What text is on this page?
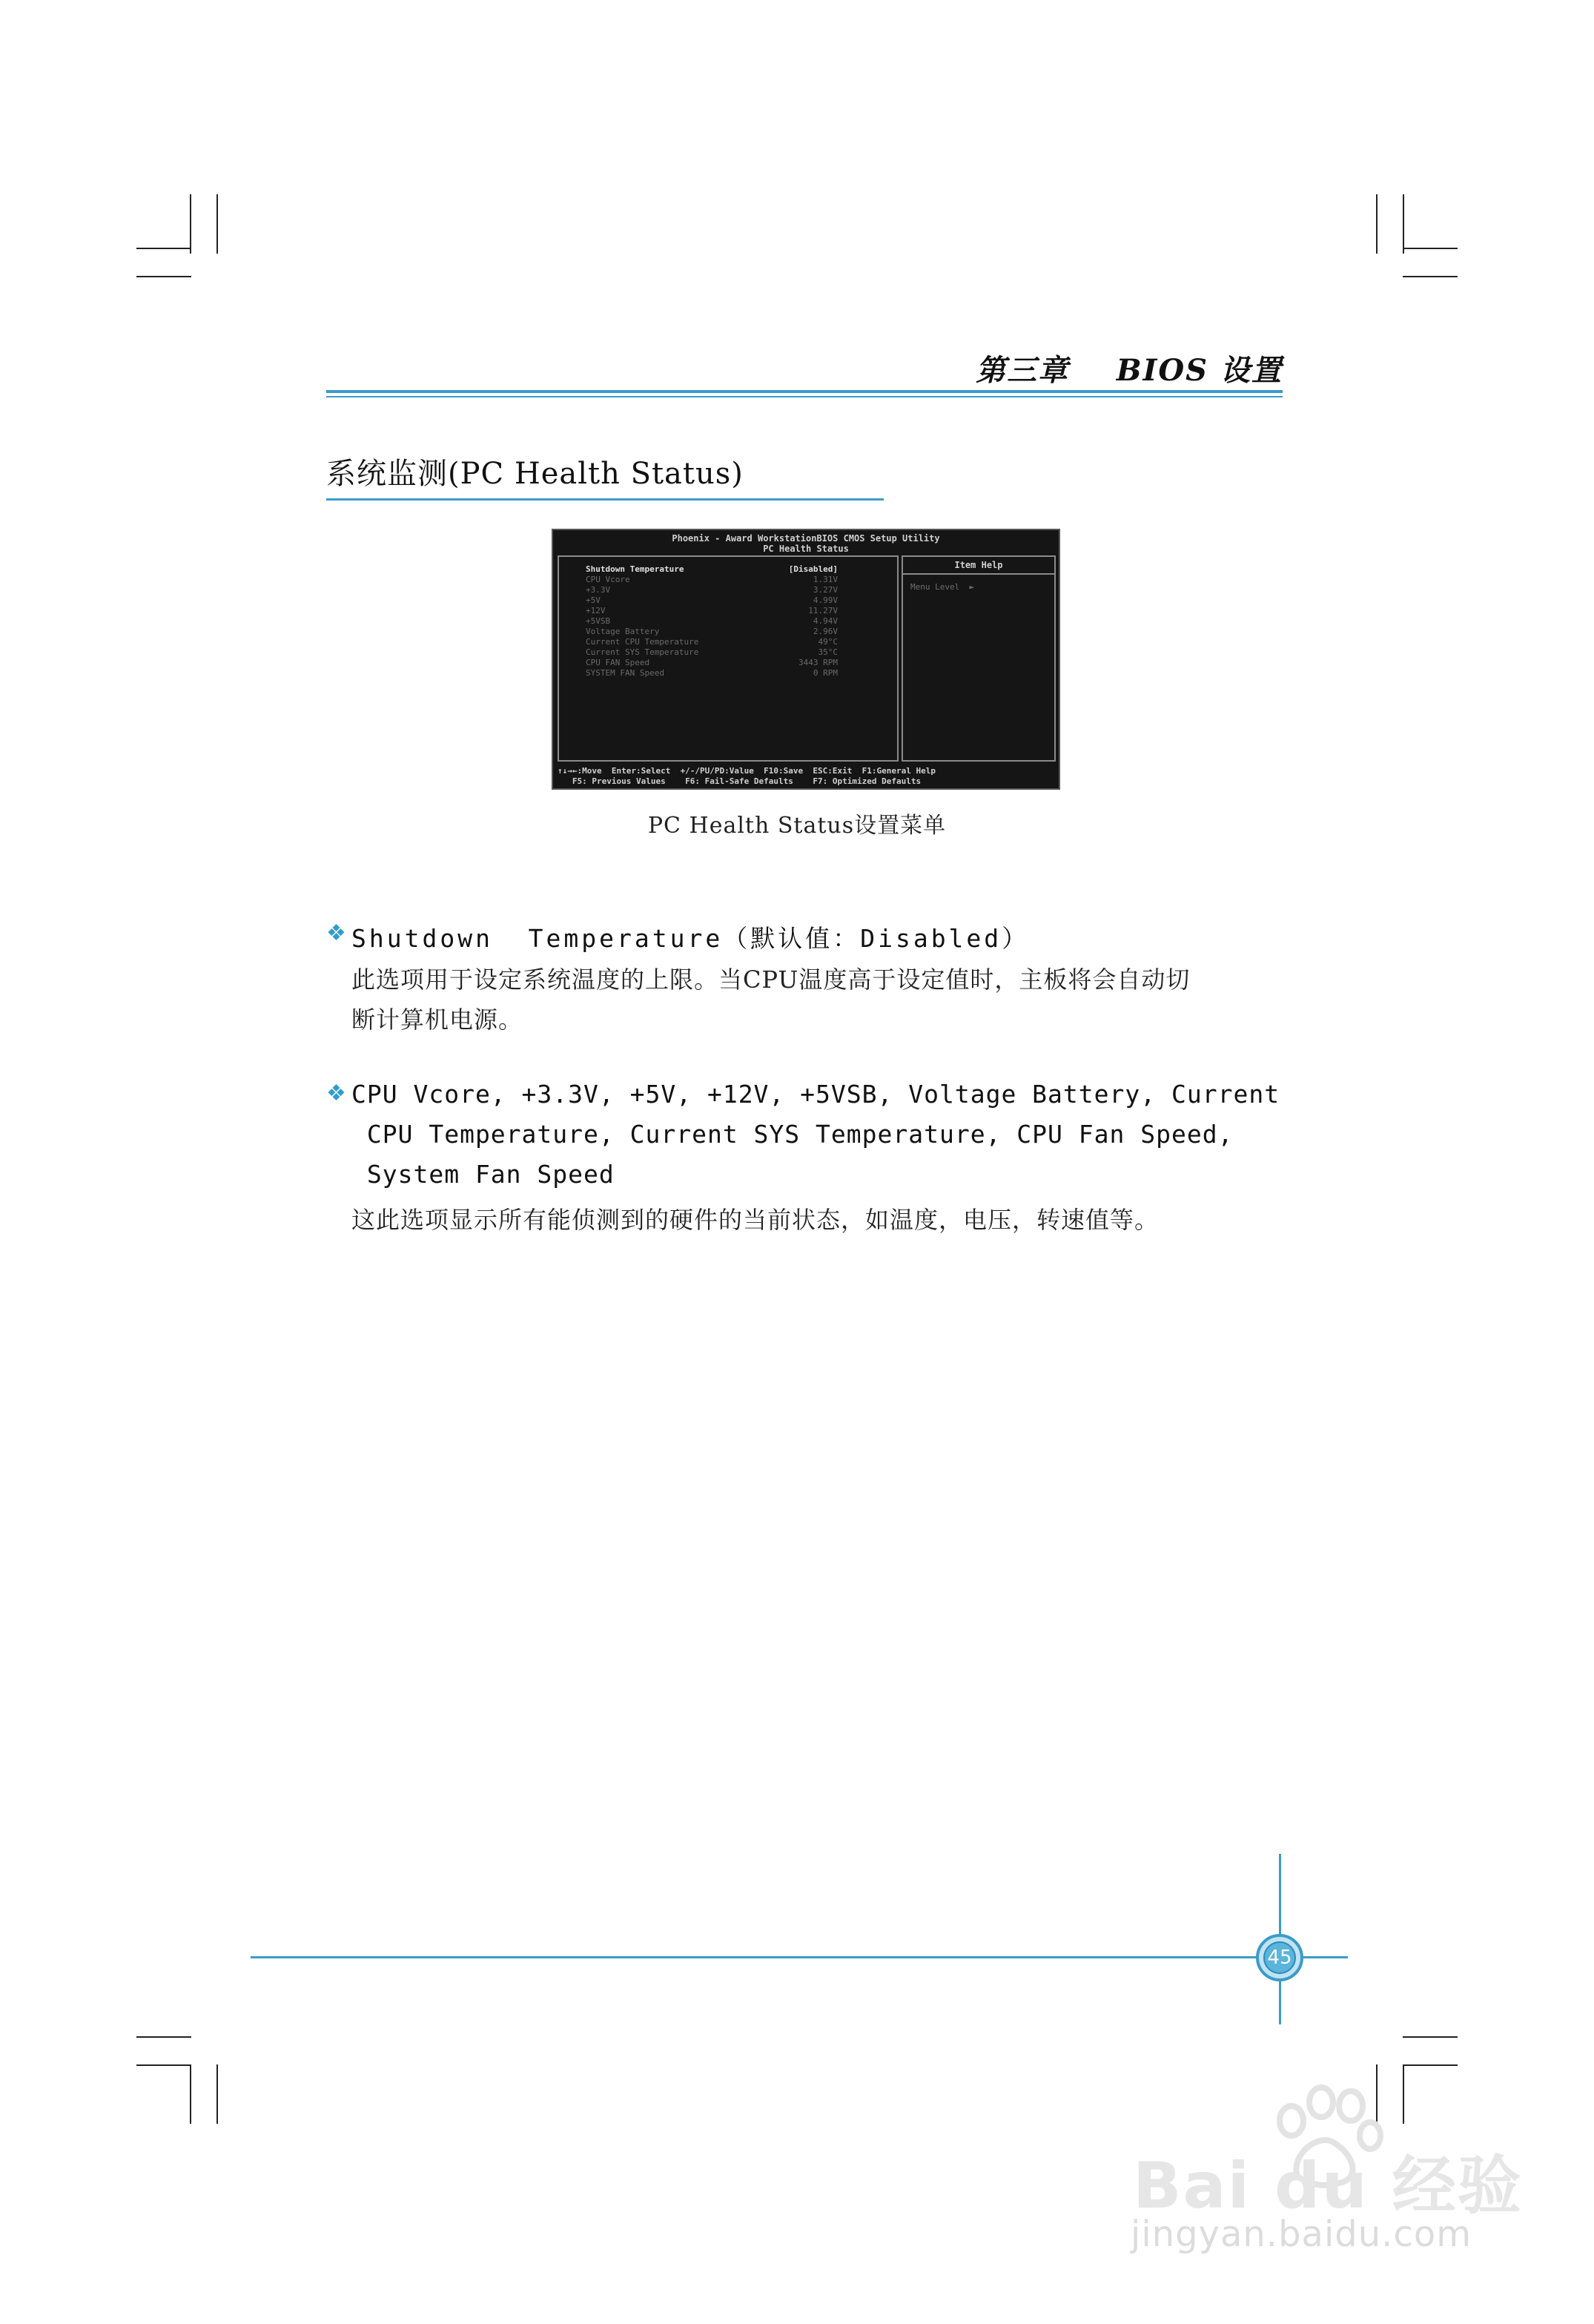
第三章    BIOS 设置
系统监测(PC Health Status)
Phoenix - Award WorkstationBIOS CMOS Setup Utility
PC Health Status
Shutdown Temperature	[Disabled]
CPU Vcore	1.31V
+3.3V	3.27V
+5V	4.99V
+12V	11.27V
+5VSB	4.94V
Voltage Battery	2.96V
Current CPU Temperature	49°C
Current SYS Temperature	35°C
CPU FAN Speed	3443 RPM
SYSTEM FAN Speed	0 RPM
Item Help
Menu Level  ►
↑↓→←:Move  Enter:Select  +/-/PU/PD:Value  F10:Save  ESC:Exit  F1:General Help
F5: Previous Values    F6: Fail-Safe Defaults    F7: Optimized Defaults
PC Health Status设置菜单
❖ Shutdown  Temperature（默认值：Disabled）
此选项用于设定系统温度的上限。当CPU温度高于设定值时，主板将会自动切
断计算机电源。
❖ CPU Vcore, +3.3V, +5V, +12V, +5VSB, Voltage Battery, Current
CPU Temperature, Current SYS Temperature, CPU Fan Speed,
System Fan Speed
这此选项显示所有能侦测到的硬件的当前状态，如温度，电压，转速值等。
45
Bai du 经验
jingyan.baidu.com
